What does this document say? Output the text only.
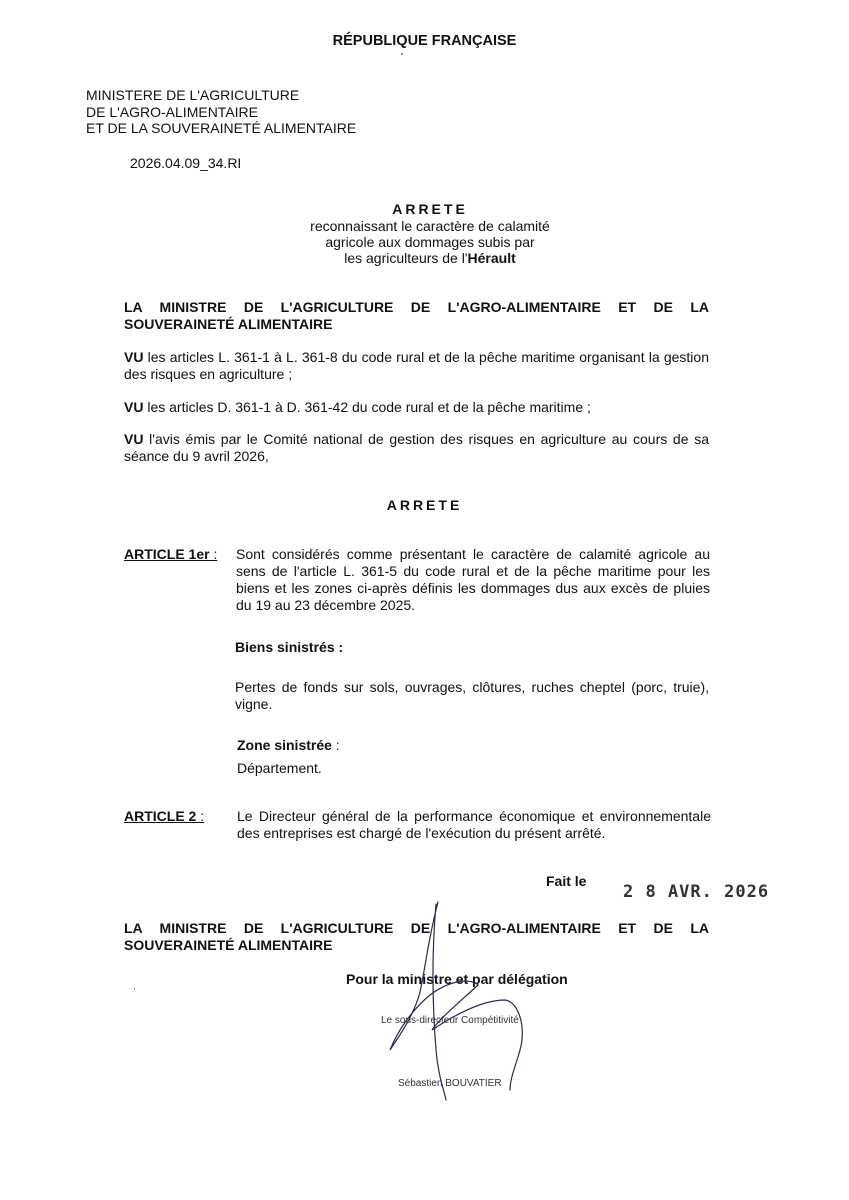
RÉPUBLIQUE FRANÇAISE

MINISTERE DE L'AGRICULTURE

DE L'AGRO-ALIMENTAIRE

ET DE LA SOUVERAINETÉ ALIMENTAIRE

2026.04.09_34.RI

ARRETE

reconnaissant le caractère de calamité

agricole aux dommages subis par

les agriculteurs de l'Hérault

LA MINISTRE DE L'AGRICULTURE DE L'AGRO-ALIMENTAIRE ET DE LA SOUVERAINETÉ ALIMENTAIRE
VU les articles L. 361-1 à L. 361-8 du code rural et de la pêche maritime organisant la gestion des risques en agriculture ;
VU les articles D. 361-1 à D. 361-42 du code rural et de la pêche maritime ;
VU l'avis émis par le Comité national de gestion des risques en agriculture au cours de sa séance du 9 avril 2026,
ARRETE
ARTICLE 1er : Sont considérés comme présentant le caractère de calamité agricole au sens de l'article L. 361-5 du code rural et de la pêche maritime pour les biens et les zones ci-après définis les dommages dus aux excès de pluies du 19 au 23 décembre 2025.
Biens sinistrés :
Pertes de fonds sur sols, ouvrages, clôtures, ruches cheptel (porc, truie), vigne.
Zone sinistrée :
Département.
ARTICLE 2 : Le Directeur général de la performance économique et environnementale des entreprises est chargé de l'exécution du présent arrêté.
Fait le
2 8 AVR. 2026
LA MINISTRE DE L'AGRICULTURE DE L'AGRO-ALIMENTAIRE ET DE LA SOUVERAINETÉ ALIMENTAIRE
Pour la ministre et par délégation
Le sous-directeur Compétitivité
Sébastien BOUVATIER
